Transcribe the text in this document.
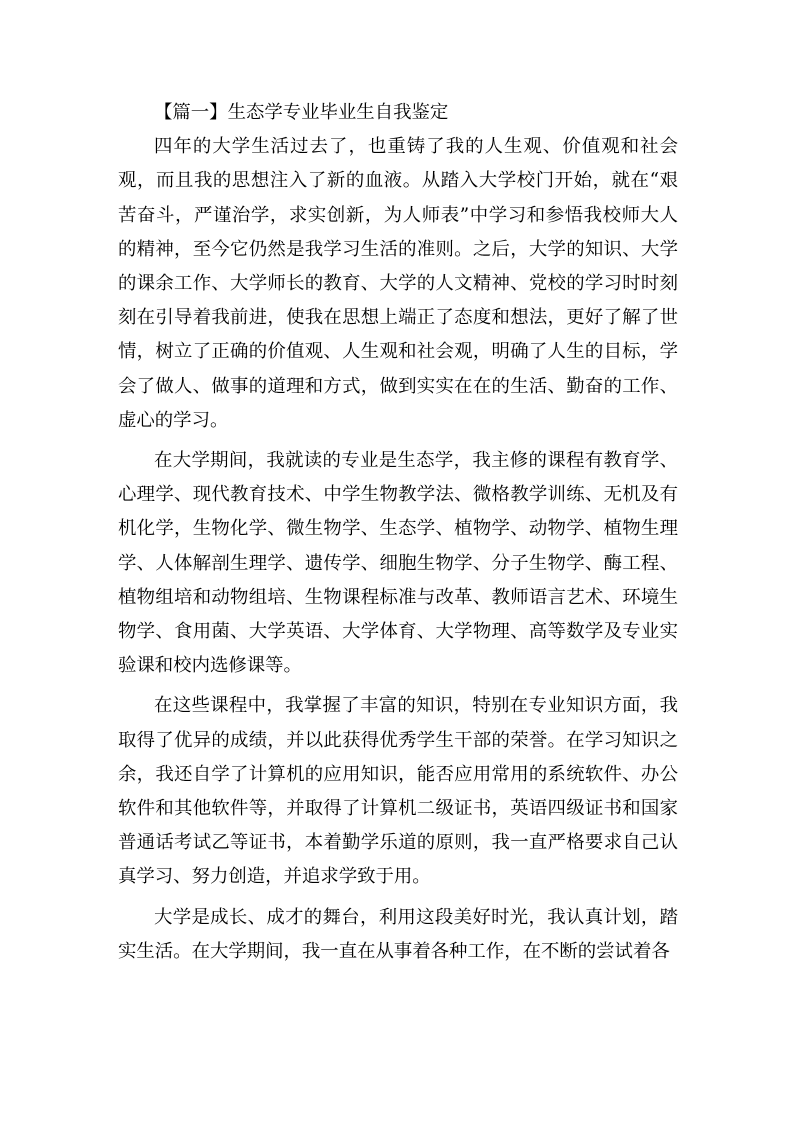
【篇一】生态学专业毕业生自我鉴定

四年的大学生活过去了，也重铸了我的人生观、价值观和社会观，而且我的思想注入了新的血液。从踏入大学校门开始，就在“艰苦奋斗，严谨治学，求实创新，为人师表”中学习和参悟我校师大人的精神，至今它仍然是我学习生活的准则。之后，大学的知识、大学的课余工作、大学师长的教育、大学的人文精神、党校的学习时时刻刻在引导着我前进，使我在思想上端正了态度和想法，更好了解了世情，树立了正确的价值观、人生观和社会观，明确了人生的目标，学会了做人、做事的道理和方式，做到实实在在的生活、勤奋的工作、虚心的学习。

在大学期间，我就读的专业是生态学，我主修的课程有教育学、心理学、现代教育技术、中学生物教学法、微格教学训练、无机及有机化学，生物化学、微生物学、生态学、植物学、动物学、植物生理学、人体解剖生理学、遗传学、细胞生物学、分子生物学、酶工程、植物组培和动物组培、生物课程标准与改革、教师语言艺术、环境生物学、食用菌、大学英语、大学体育、大学物理、高等数学及专业实验课和校内选修课等。

在这些课程中，我掌握了丰富的知识，特别在专业知识方面，我取得了优异的成绩，并以此获得优秀学生干部的荣誉。在学习知识之余，我还自学了计算机的应用知识，能否应用常用的系统软件、办公软件和其他软件等，并取得了计算机二级证书，英语四级证书和国家普通话考试乙等证书，本着勤学乐道的原则，我一直严格要求自己认真学习、努力创造，并追求学致于用。

大学是成长、成才的舞台，利用这段美好时光，我认真计划，踏实生活。在大学期间，我一直在从事着各种工作，在不断的尝试着各
